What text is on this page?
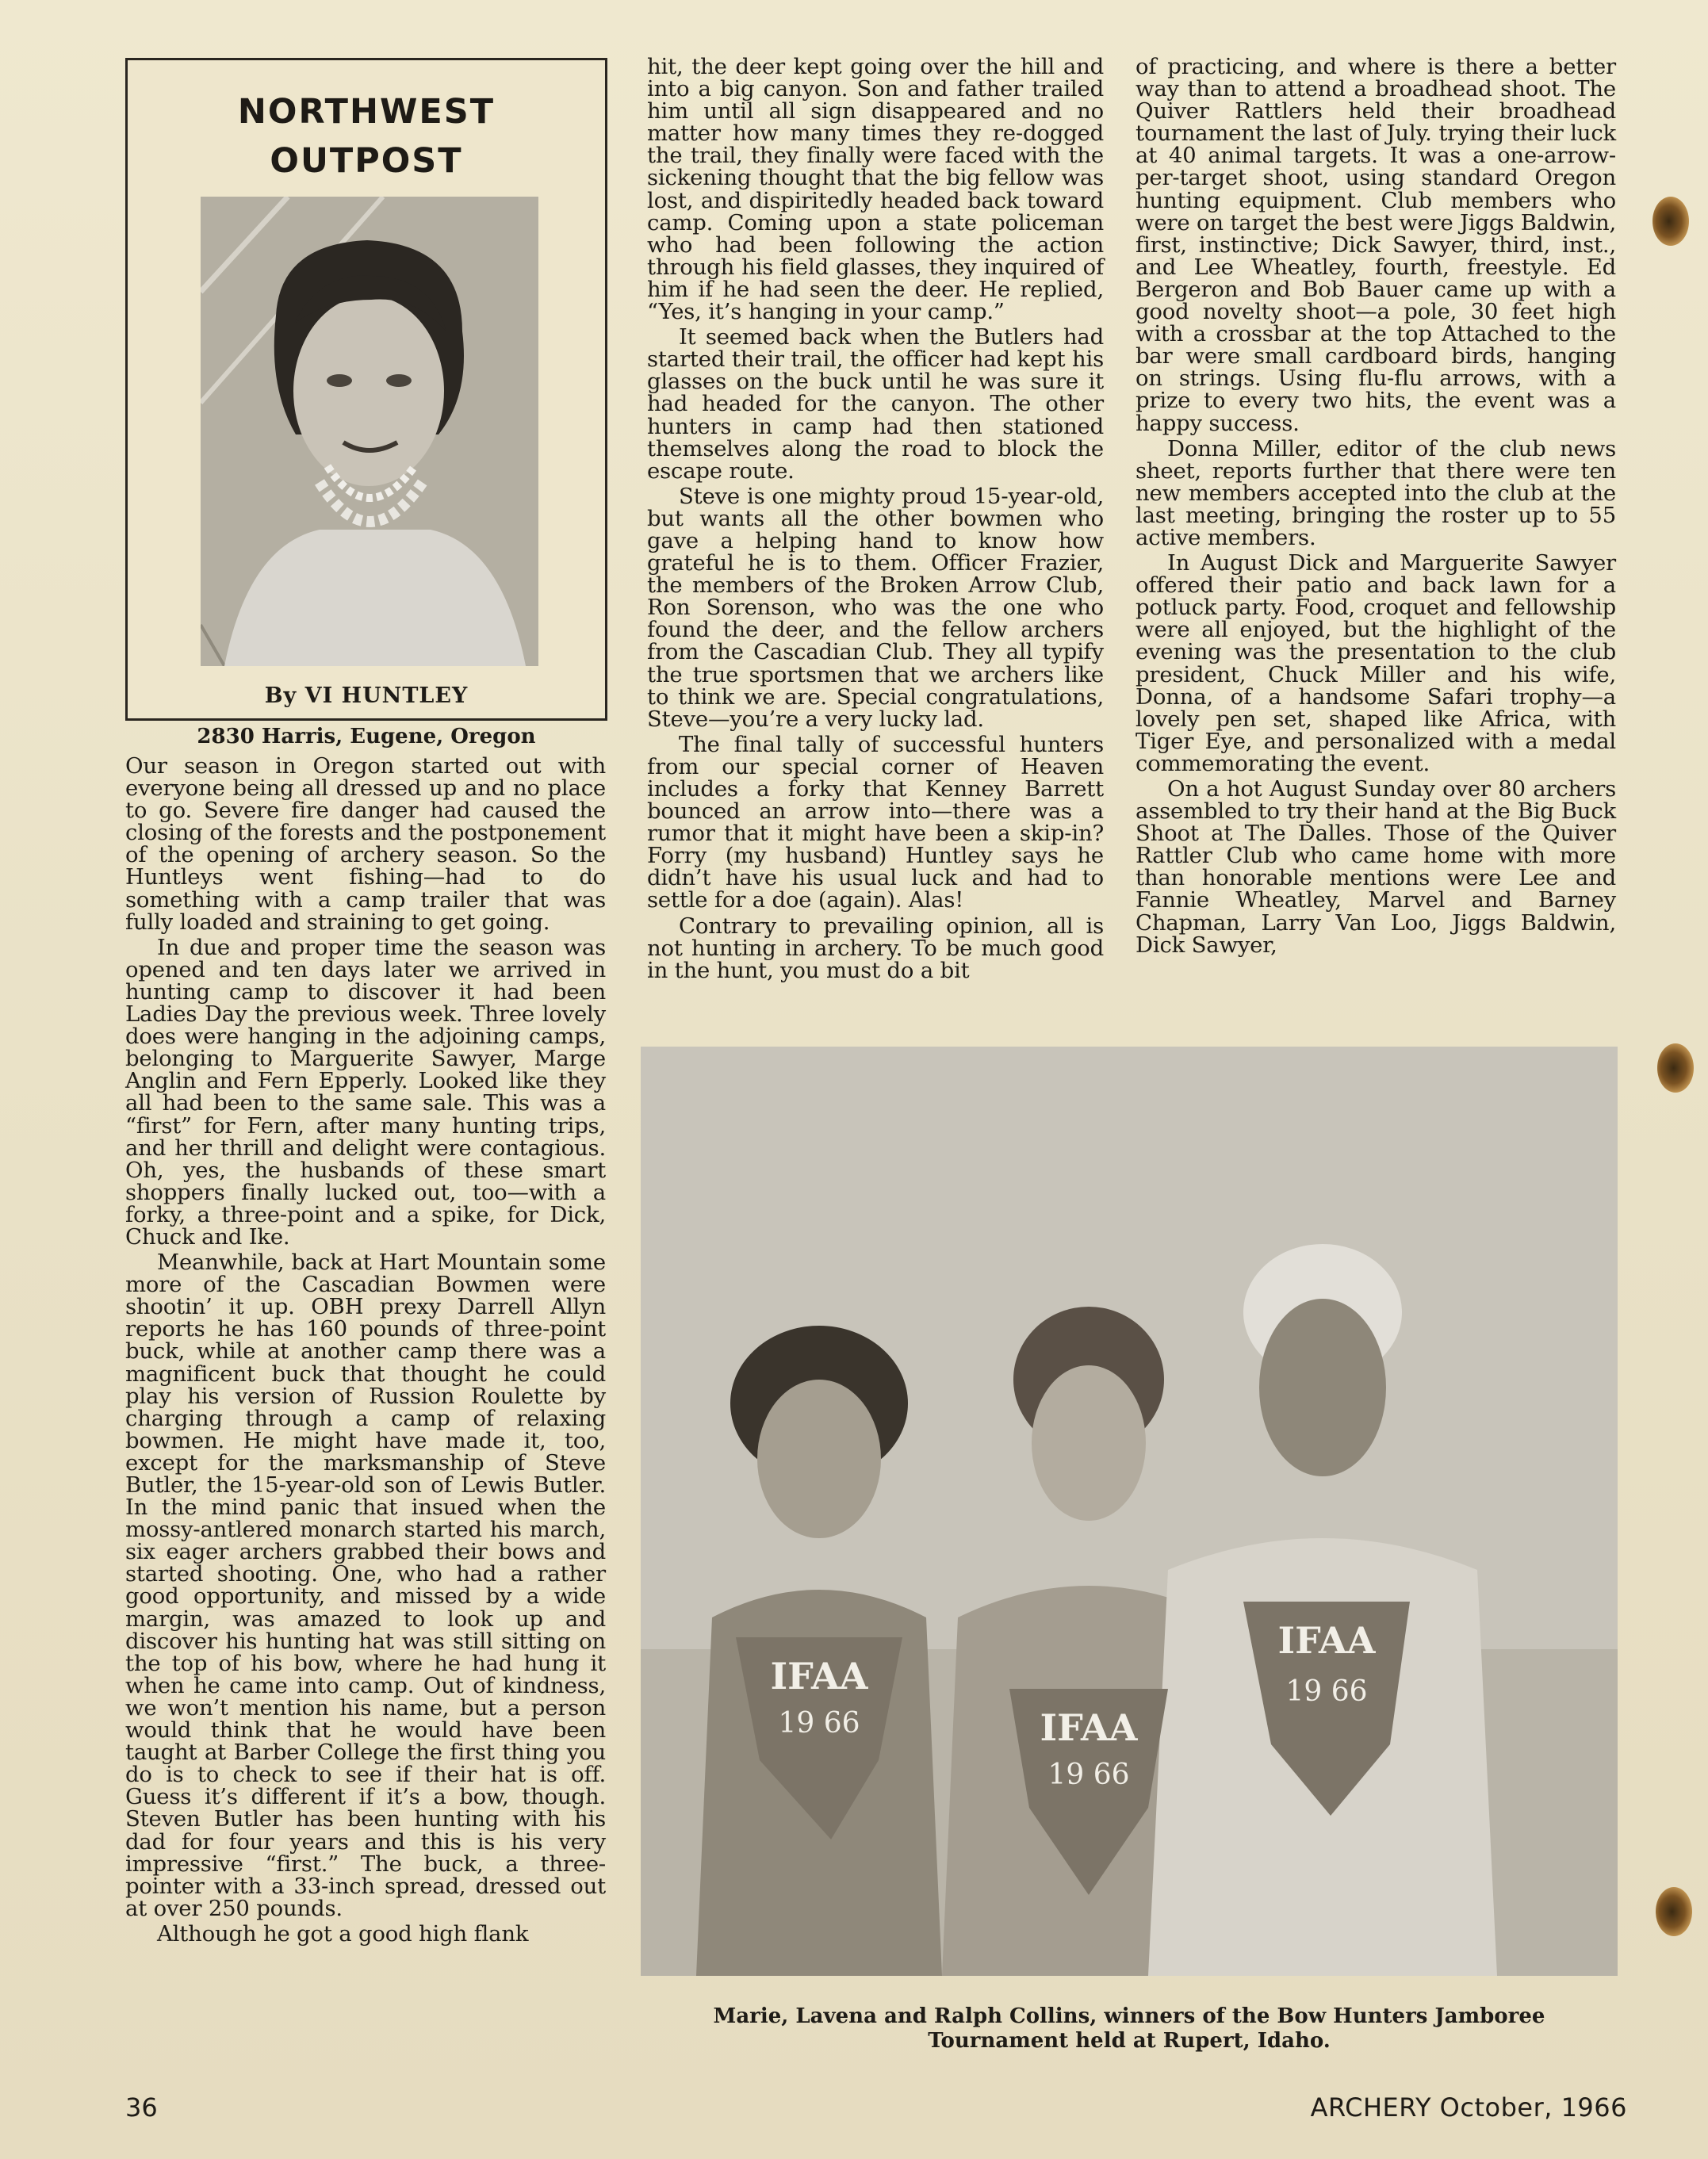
NORTHWEST
OUTPOST
By VI HUNTLEY
2830 Harris, Eugene, Oregon

Our season in Oregon started out with everyone being all dressed up and no place to go. Severe fire danger had caused the closing of the forests and the postponement of the opening of archery season. So the Huntleys went fishing—had to do something with a camp trailer that was fully loaded and straining to get going.

In due and proper time the season was opened and ten days later we arrived in hunting camp to discover it had been Ladies Day the previous week. Three lovely does were hanging in the adjoining camps, belonging to Marguerite Sawyer, Marge Anglin and Fern Epperly. Looked like they all had been to the same sale. This was a “first” for Fern, after many hunting trips, and her thrill and delight were contagious. Oh, yes, the husbands of these smart shoppers finally lucked out, too—with a forky, a three-point and a spike, for Dick, Chuck and Ike.

Meanwhile, back at Hart Mountain some more of the Cascadian Bowmen were shootin’ it up. OBH prexy Darrell Allyn reports he has 160 pounds of three-point buck, while at another camp there was a magnificent buck that thought he could play his version of Russion Roulette by charging through a camp of relaxing bowmen. He might have made it, too, except for the marksmanship of Steve Butler, the 15-year-old son of Lewis Butler. In the mind panic that insued when the mossy-antlered monarch started his march, six eager archers grabbed their bows and started shooting. One, who had a rather good opportunity, and missed by a wide margin, was amazed to look up and discover his hunting hat was still sitting on the top of his bow, where he had hung it when he came into camp. Out of kindness, we won’t mention his name, but a person would think that he would have been taught at Barber College the first thing you do is to check to see if their hat is off. Guess it’s different if it’s a bow, though. Steven Butler has been hunting with his dad for four years and this is his very impressive “first.” The buck, a three-pointer with a 33-inch spread, dressed out at over 250 pounds.

Although he got a good high flank

hit, the deer kept going over the hill and into a big canyon. Son and father trailed him until all sign disappeared and no matter how many times they re-dogged the trail, they finally were faced with the sickening thought that the big fellow was lost, and dispiritedly headed back toward camp. Coming upon a state policeman who had been following the action through his field glasses, they inquired of him if he had seen the deer. He replied, “Yes, it’s hanging in your camp.”

It seemed back when the Butlers had started their trail, the officer had kept his glasses on the buck until he was sure it had headed for the canyon. The other hunters in camp had then stationed themselves along the road to block the escape route.

Steve is one mighty proud 15-year-old, but wants all the other bowmen who gave a helping hand to know how grateful he is to them. Officer Frazier, the members of the Broken Arrow Club, Ron Sorenson, who was the one who found the deer, and the fellow archers from the Cascadian Club. They all typify the true sportsmen that we archers like to think we are. Special congratulations, Steve—you’re a very lucky lad.

The final tally of successful hunters from our special corner of Heaven includes a forky that Kenney Barrett bounced an arrow into—there was a rumor that it might have been a skip-in? Forry (my husband) Huntley says he didn’t have his usual luck and had to settle for a doe (again). Alas!

Contrary to prevailing opinion, all is not hunting in archery. To be much good in the hunt, you must do a bit

of practicing, and where is there a better way than to attend a broadhead shoot. The Quiver Rattlers held their broadhead tournament the last of July. trying their luck at 40 animal targets. It was a one-arrow-per-target shoot, using standard Oregon hunting equipment. Club members who were on target the best were Jiggs Baldwin, first, instinctive; Dick Sawyer, third, inst., and Lee Wheatley, fourth, freestyle. Ed Bergeron and Bob Bauer came up with a good novelty shoot—a pole, 30 feet high with a crossbar at the top Attached to the bar were small cardboard birds, hanging on strings. Using flu-flu arrows, with a prize to every two hits, the event was a happy success.

Donna Miller, editor of the club news sheet, reports further that there were ten new members accepted into the club at the last meeting, bringing the roster up to 55 active members.

In August Dick and Marguerite Sawyer offered their patio and back lawn for a potluck party. Food, croquet and fellowship were all enjoyed, but the highlight of the evening was the presentation to the club president, Chuck Miller and his wife, Donna, of a handsome Safari trophy—a lovely pen set, shaped like Africa, with Tiger Eye, and personalized with a medal commemorating the event.

On a hot August Sunday over 80 archers assembled to try their hand at the Big Buck Shoot at The Dalles. Those of the Quiver Rattler Club who came home with more than honorable mentions were Lee and Fannie Wheatley, Marvel and Barney Chapman, Larry Van Loo, Jiggs Baldwin, Dick Sawyer,

IFAA
19 66	IFAA
19 66
IFAA
19 66
Marie, Lavena and Ralph Collins, winners of the Bow Hunters Jamboree
Tournament held at Rupert, Idaho.
36	ARCHERY October, 1966
